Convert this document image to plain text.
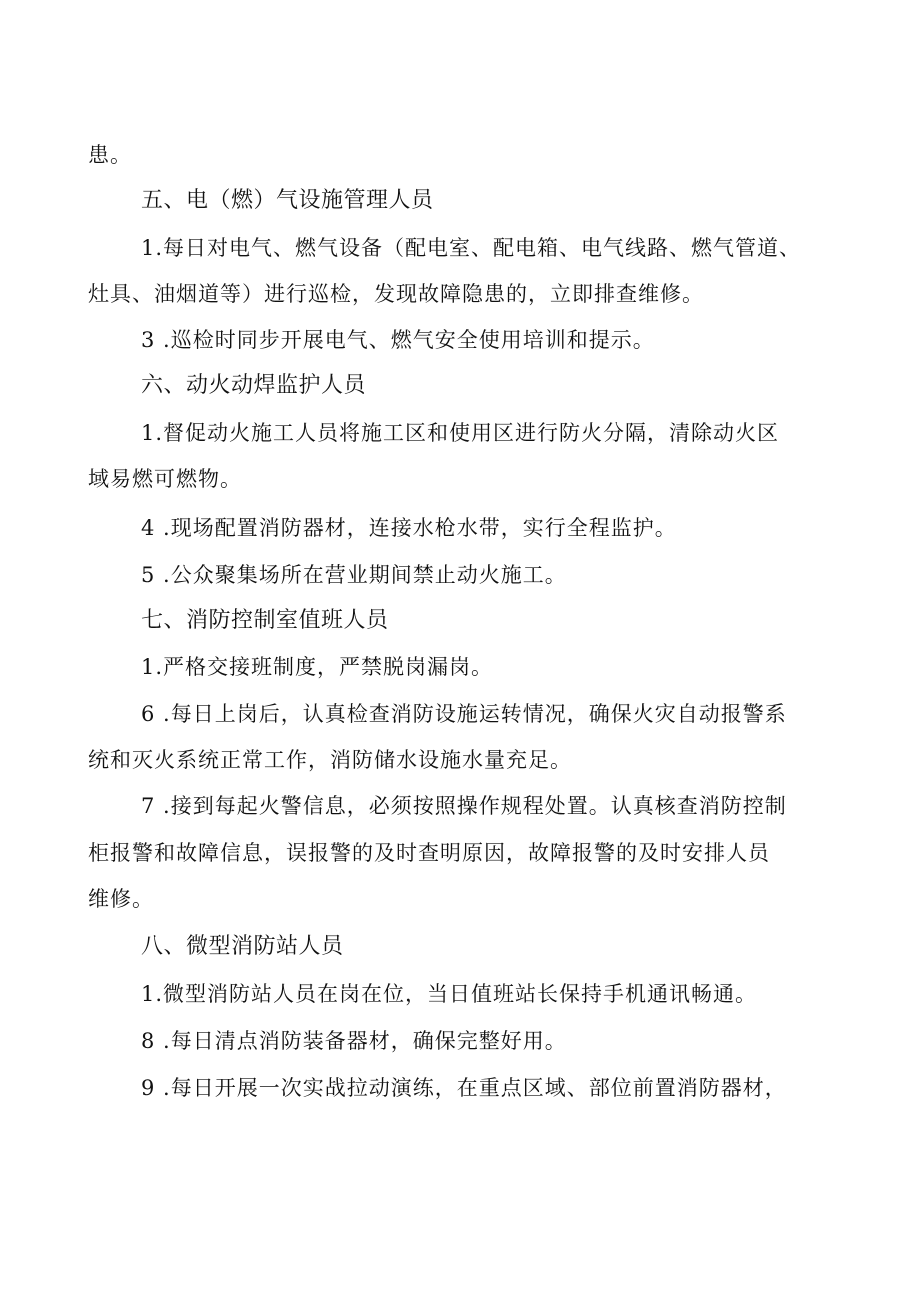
患。
五、电（燃）气设施管理人员
1.每日对电气、燃气设备（配电室、配电箱、电气线路、燃气管道、
灶具、油烟道等）进行巡检，发现故障隐患的，立即排查维修。
3 .巡检时同步开展电气、燃气安全使用培训和提示。
六、动火动焊监护人员
1.督促动火施工人员将施工区和使用区进行防火分隔，清除动火区
域易燃可燃物。
4 .现场配置消防器材，连接水枪水带，实行全程监护。
5 .公众聚集场所在营业期间禁止动火施工。
七、消防控制室值班人员
1.严格交接班制度，严禁脱岗漏岗。
6 .每日上岗后，认真检查消防设施运转情况，确保火灾自动报警系
统和灭火系统正常工作，消防储水设施水量充足。
7 .接到每起火警信息，必须按照操作规程处置。认真核查消防控制
柜报警和故障信息，误报警的及时查明原因，故障报警的及时安排人员
维修。
八、微型消防站人员
1.微型消防站人员在岗在位，当日值班站长保持手机通讯畅通。
8 .每日清点消防装备器材，确保完整好用。
9 .每日开展一次实战拉动演练，在重点区域、部位前置消防器材，
